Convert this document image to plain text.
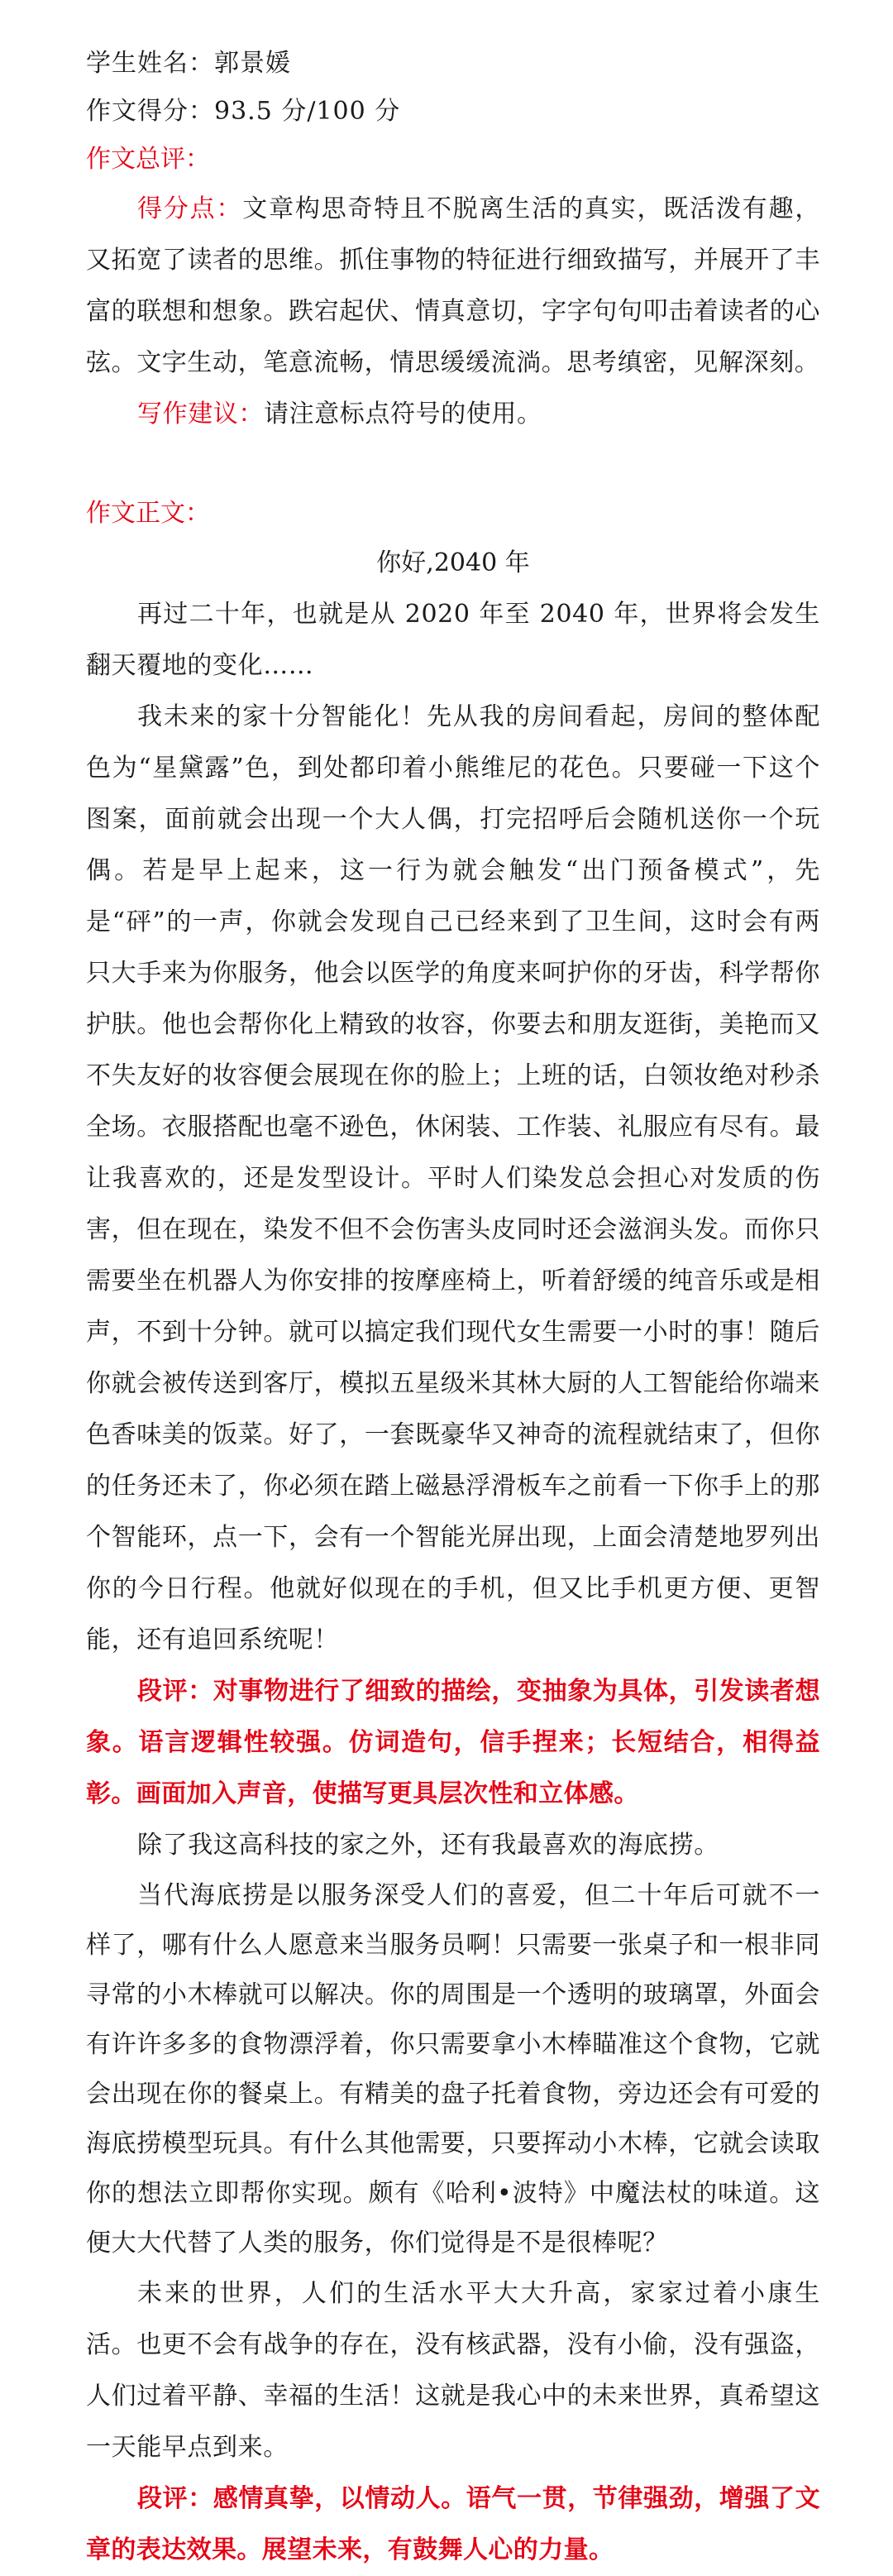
学生姓名：郭景媛
作文得分：93.5 分/100 分
作文总评：

得分点：文章构思奇特且不脱离生活的真实，既活泼有趣，又拓宽了读者的思维。抓住事物的特征进行细致描写，并展开了丰富的联想和想象。跌宕起伏、情真意切，字字句句叩击着读者的心弦。文字生动，笔意流畅，情思缓缓流淌。思考缜密，见解深刻。

写作建议：请注意标点符号的使用。

作文正文：

你好,2040 年

再过二十年，也就是从 2020 年至 2040 年，世界将会发生翻天覆地的变化……

我未来的家十分智能化！先从我的房间看起，房间的整体配色为“星黛露”色，到处都印着小熊维尼的花色。只要碰一下这个图案，面前就会出现一个大人偶，打完招呼后会随机送你一个玩偶。若是早上起来，这一行为就会触发“出门预备模式”，先是“砰”的一声，你就会发现自己已经来到了卫生间，这时会有两只大手来为你服务，他会以医学的角度来呵护你的牙齿，科学帮你护肤。他也会帮你化上精致的妆容，你要去和朋友逛街，美艳而又不失友好的妆容便会展现在你的脸上；上班的话，白领妆绝对秒杀全场。衣服搭配也毫不逊色，休闲装、工作装、礼服应有尽有。最让我喜欢的，还是发型设计。平时人们染发总会担心对发质的伤害，但在现在，染发不但不会伤害头皮同时还会滋润头发。而你只需要坐在机器人为你安排的按摩座椅上，听着舒缓的纯音乐或是相声，不到十分钟。就可以搞定我们现代女生需要一小时的事！随后你就会被传送到客厅，模拟五星级米其林大厨的人工智能给你端来色香味美的饭菜。好了，一套既豪华又神奇的流程就结束了，但你的任务还未了，你必须在踏上磁悬浮滑板车之前看一下你手上的那个智能环，点一下，会有一个智能光屏出现，上面会清楚地罗列出你的今日行程。他就好似现在的手机，但又比手机更方便、更智能，还有追回系统呢！

段评：对事物进行了细致的描绘，变抽象为具体，引发读者想象。语言逻辑性较强。仿词造句，信手捏来；长短结合，相得益彰。画面加入声音，使描写更具层次性和立体感。

除了我这高科技的家之外，还有我最喜欢的海底捞。

当代海底捞是以服务深受人们的喜爱，但二十年后可就不一样了，哪有什么人愿意来当服务员啊！只需要一张桌子和一根非同寻常的小木棒就可以解决。你的周围是一个透明的玻璃罩，外面会有许许多多的食物漂浮着，你只需要拿小木棒瞄准这个食物，它就会出现在你的餐桌上。有精美的盘子托着食物，旁边还会有可爱的海底捞模型玩具。有什么其他需要，只要挥动小木棒，它就会读取你的想法立即帮你实现。颇有《哈利•波特》中魔法杖的味道。这便大大代替了人类的服务，你们觉得是不是很棒呢？

未来的世界，人们的生活水平大大升高，家家过着小康生活。也更不会有战争的存在，没有核武器，没有小偷，没有强盗，人们过着平静、幸福的生活！这就是我心中的未来世界，真希望这一天能早点到来。

段评：感情真挚，以情动人。语气一贯，节律强劲，增强了文章的表达效果。展望未来，有鼓舞人心的力量。
